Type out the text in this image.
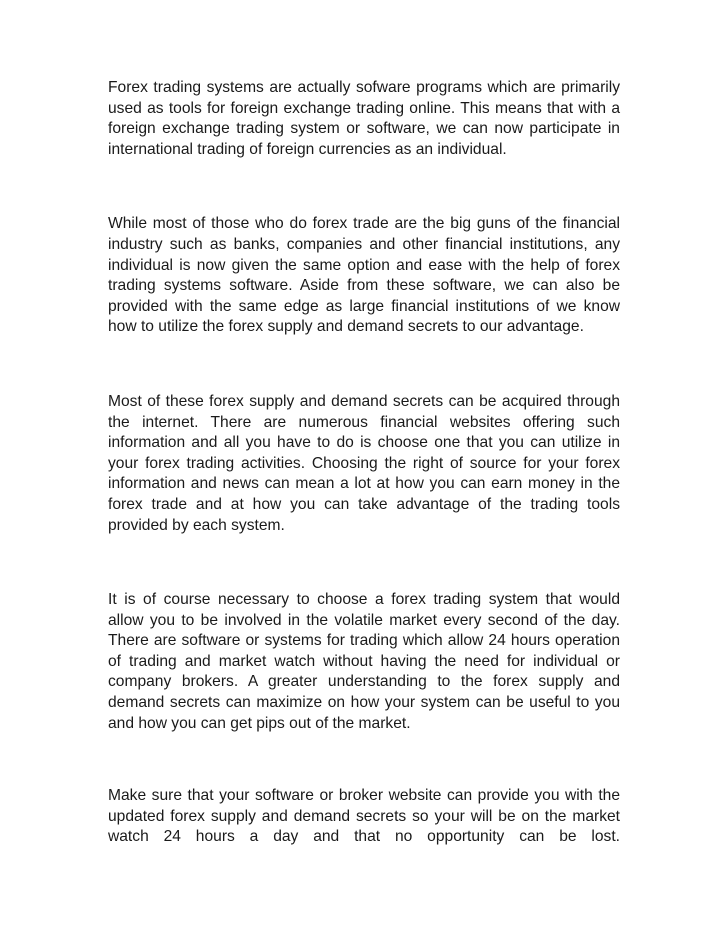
Forex trading systems are actually sofware programs which are primarily used as tools for foreign exchange trading online. This means that with a foreign exchange trading system or software, we can now participate in international trading of foreign currencies as an individual.

While most of those who do forex trade are the big guns of the financial industry such as banks, companies and other financial institutions, any individual is now given the same option and ease with the help of forex trading systems software. Aside from these software, we can also be provided with the same edge as large financial institutions of we know how to utilize the forex supply and demand secrets to our advantage.

Most of these forex supply and demand secrets can be acquired through the internet. There are numerous financial websites offering such information and all you have to do is choose one that you can utilize in your forex trading activities. Choosing the right of source for your forex information and news can mean a lot at how you can earn money in the forex trade and at how you can take advantage of the trading tools provided by each system.

It is of course necessary to choose a forex trading system that would allow you to be involved in the volatile market every second of the day. There are software or systems for trading which allow 24 hours operation of trading and market watch without having the need for individual or company brokers. A greater understanding to the forex supply and demand secrets can maximize on how your system can be useful to you and how you can get pips out of the market.

Make sure that your software or broker website can provide you with the updated forex supply and demand secrets so your will be on the market watch 24 hours a day and that no opportunity can be lost.
